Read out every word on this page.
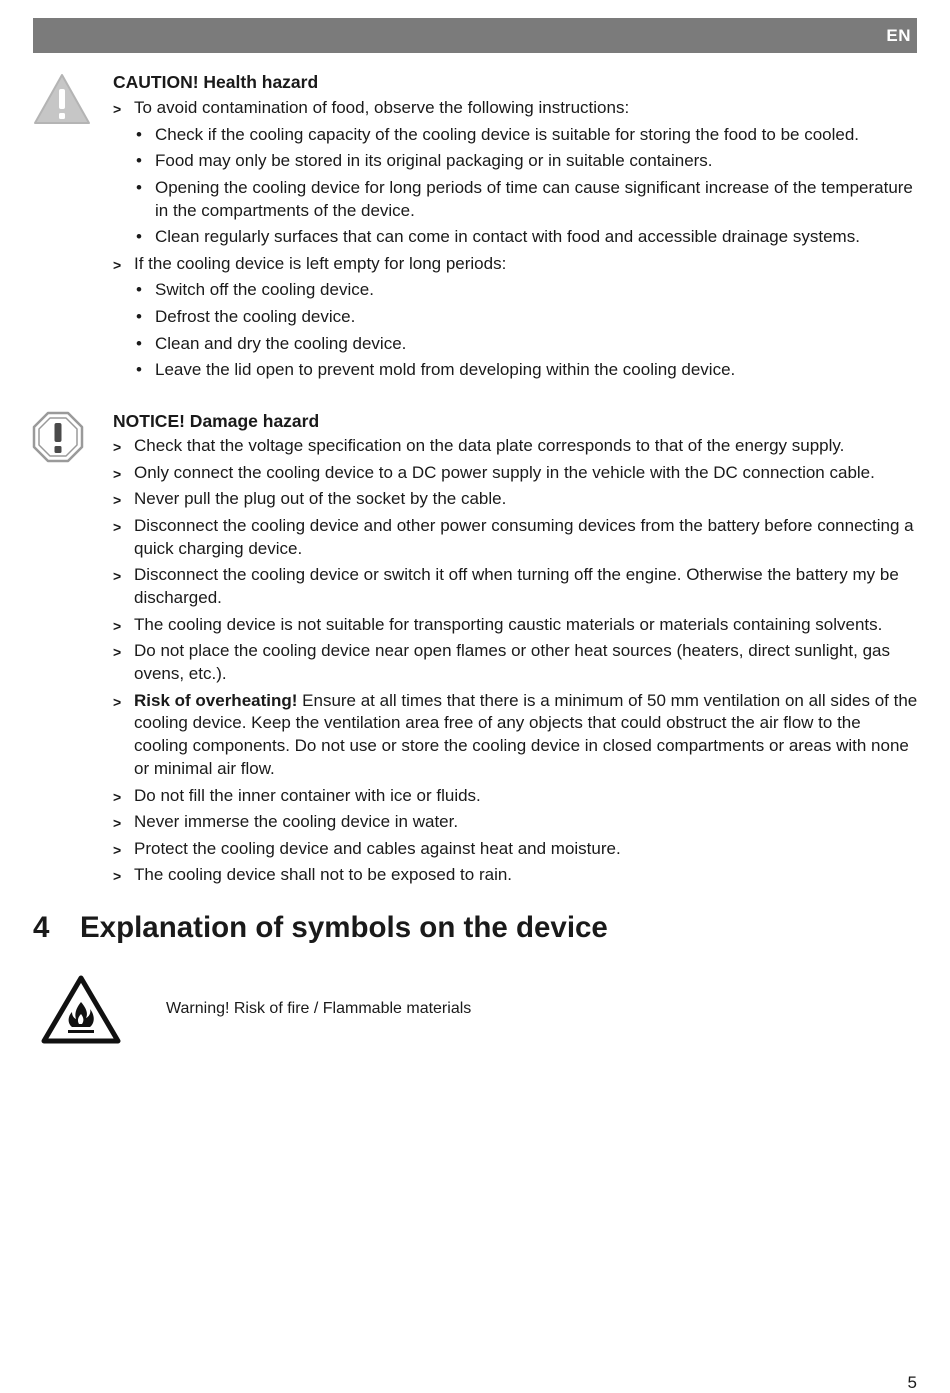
EN
CAUTION! Health hazard
> To avoid contamination of food, observe the following instructions:
• Check if the cooling capacity of the cooling device is suitable for storing the food to be cooled.
• Food may only be stored in its original packaging or in suitable containers.
• Opening the cooling device for long periods of time can cause significant increase of the temperature in the compartments of the device.
• Clean regularly surfaces that can come in contact with food and accessible drainage systems.
> If the cooling device is left empty for long periods:
• Switch off the cooling device.
• Defrost the cooling device.
• Clean and dry the cooling device.
• Leave the lid open to prevent mold from developing within the cooling device.
NOTICE! Damage hazard
> Check that the voltage specification on the data plate corresponds to that of the energy supply.
> Only connect the cooling device to a DC power supply in the vehicle with the DC connection cable.
> Never pull the plug out of the socket by the cable.
> Disconnect the cooling device and other power consuming devices from the battery before connecting a quick charging device.
> Disconnect the cooling device or switch it off when turning off the engine. Otherwise the battery my be discharged.
> The cooling device is not suitable for transporting caustic materials or materials containing solvents.
> Do not place the cooling device near open flames or other heat sources (heaters, direct sunlight, gas ovens, etc.).
> Risk of overheating! Ensure at all times that there is a minimum of 50 mm ventilation on all sides of the cooling device. Keep the ventilation area free of any objects that could obstruct the air flow to the cooling components. Do not use or store the cooling device in closed compartments or areas with none or minimal air flow.
> Do not fill the inner container with ice or fluids.
> Never immerse the cooling device in water.
> Protect the cooling device and cables against heat and moisture.
> The cooling device shall not to be exposed to rain.
4 Explanation of symbols on the device
Warning! Risk of fire / Flammable materials
5
